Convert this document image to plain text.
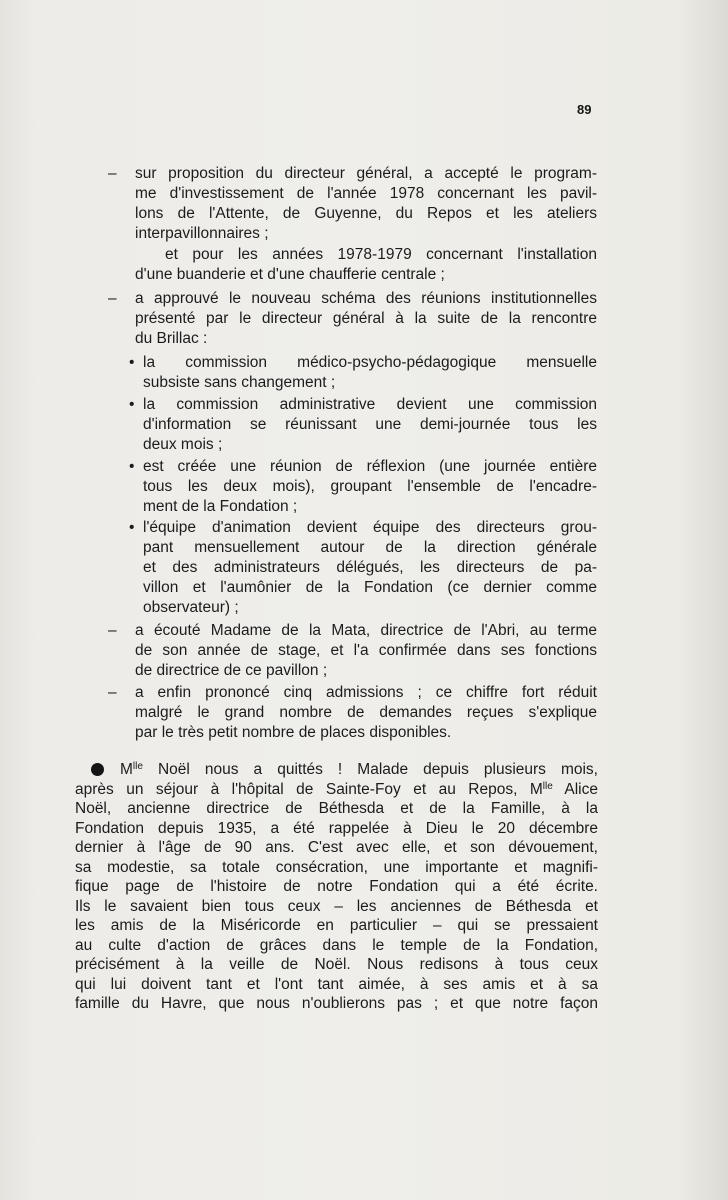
89
– sur proposition du directeur général, a accepté le program-
me d'investissement de l'année 1978 concernant les pavil-
lons de l'Attente, de Guyenne, du Repos et les ateliers
interpavillonnaires ;
et pour les années 1978-1979 concernant l'installation
d'une buanderie et d'une chaufferie centrale ;
– a approuvé le nouveau schéma des réunions institutionnelles
présenté par le directeur général à la suite de la rencontre
du Brillac :
• la commission médico-psycho-pédagogique mensuelle
subsiste sans changement ;
• la commission administrative devient une commission
d'information se réunissant une demi-journée tous les
deux mois ;
• est créée une réunion de réflexion (une journée entière
tous les deux mois), groupant l'ensemble de l'encadre-
ment de la Fondation ;
• l'équipe d'animation devient équipe des directeurs grou-
pant mensuellement autour de la direction générale
et des administrateurs délégués, les directeurs de pa-
villon et l'aumônier de la Fondation (ce dernier comme
observateur) ;
– a écouté Madame de la Mata, directrice de l'Abri, au terme
de son année de stage, et l'a confirmée dans ses fonctions
de directrice de ce pavillon ;
– a enfin prononcé cinq admissions ; ce chiffre fort réduit
malgré le grand nombre de demandes reçues s'explique
par le très petit nombre de places disponibles.
$M^{lle}$ Noël nous a quittés ! Malade depuis plusieurs mois,
après un séjour à l'hôpital de Sainte-Foy et au Repos, $M^{lle}$ Alice
Noël, ancienne directrice de Béthesda et de la Famille, à la
Fondation depuis 1935, a été rappelée à Dieu le 20 décembre
dernier à l'âge de 90 ans. C'est avec elle, et son dévouement,
sa modestie, sa totale consécration, une importante et magnifi-
fique page de l'histoire de notre Fondation qui a été écrite.
Ils le savaient bien tous ceux – les anciennes de Béthesda et
les amis de la Miséricorde en particulier – qui se pressaient
au culte d'action de grâces dans le temple de la Fondation,
précisément à la veille de Noël. Nous redisons à tous ceux
qui lui doivent tant et l'ont tant aimée, à ses amis et à sa
famille du Havre, que nous n'oublierons pas ; et que notre façon
